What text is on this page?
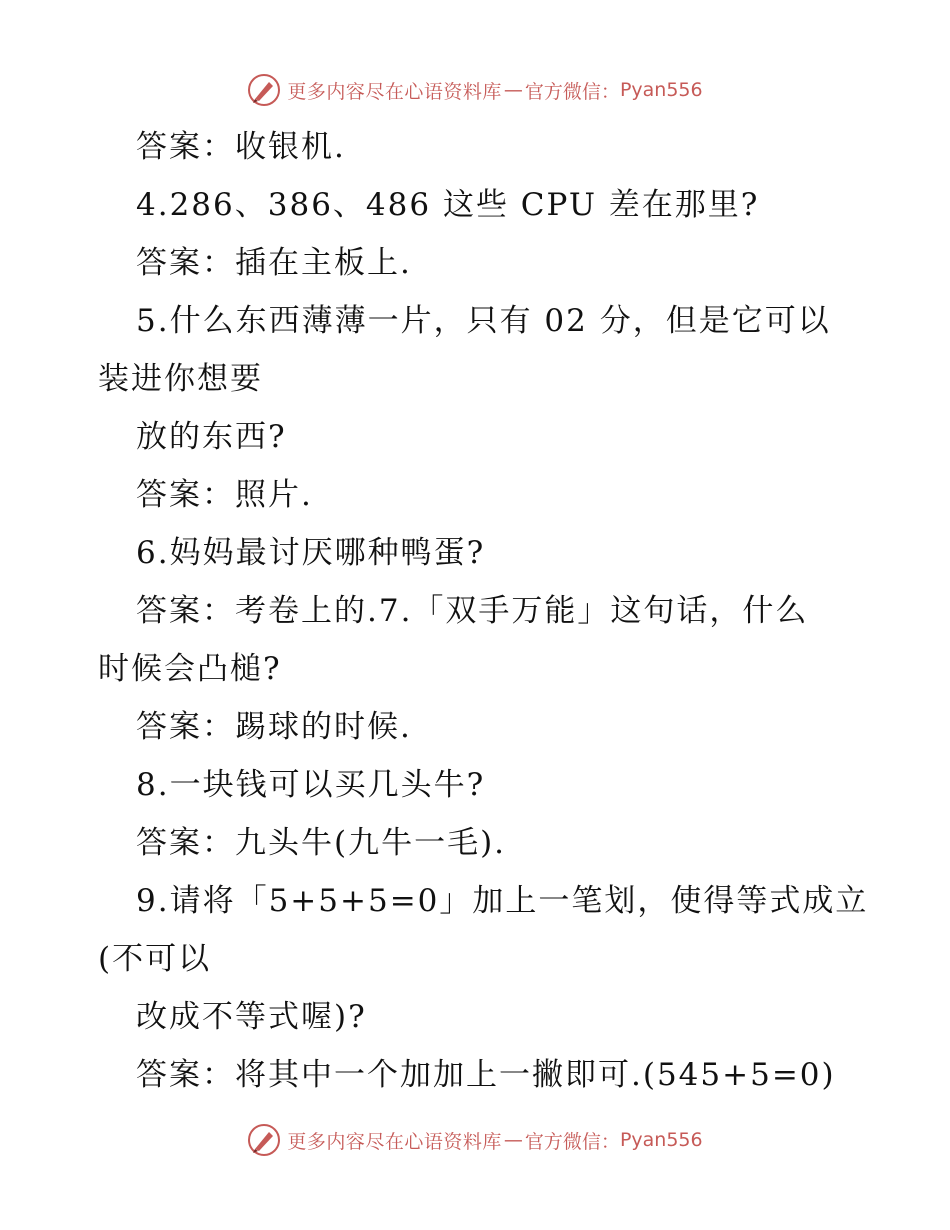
更多内容尽在心语资料库 — 官方微信： Pyan556
答案：收银机.
4.286、386、486 这些 CPU 差在那里?
答案：插在主板上.
5.什么东西薄薄一片，只有 02 分，但是它可以
装进你想要
放的东西?
答案：照片.
6.妈妈最讨厌哪种鸭蛋?
答案：考卷上的.7.「双手万能」这句话，什么
时候会凸槌?
答案：踢球的时候.
8.一块钱可以买几头牛?
答案：九头牛(九牛一毛).
9.请将「5+5+5=0」加上一笔划，使得等式成立
(不可以
改成不等式喔)?
答案：将其中一个加加上一撇即可.(545+5=0)
更多内容尽在心语资料库 — 官方微信： Pyan556
